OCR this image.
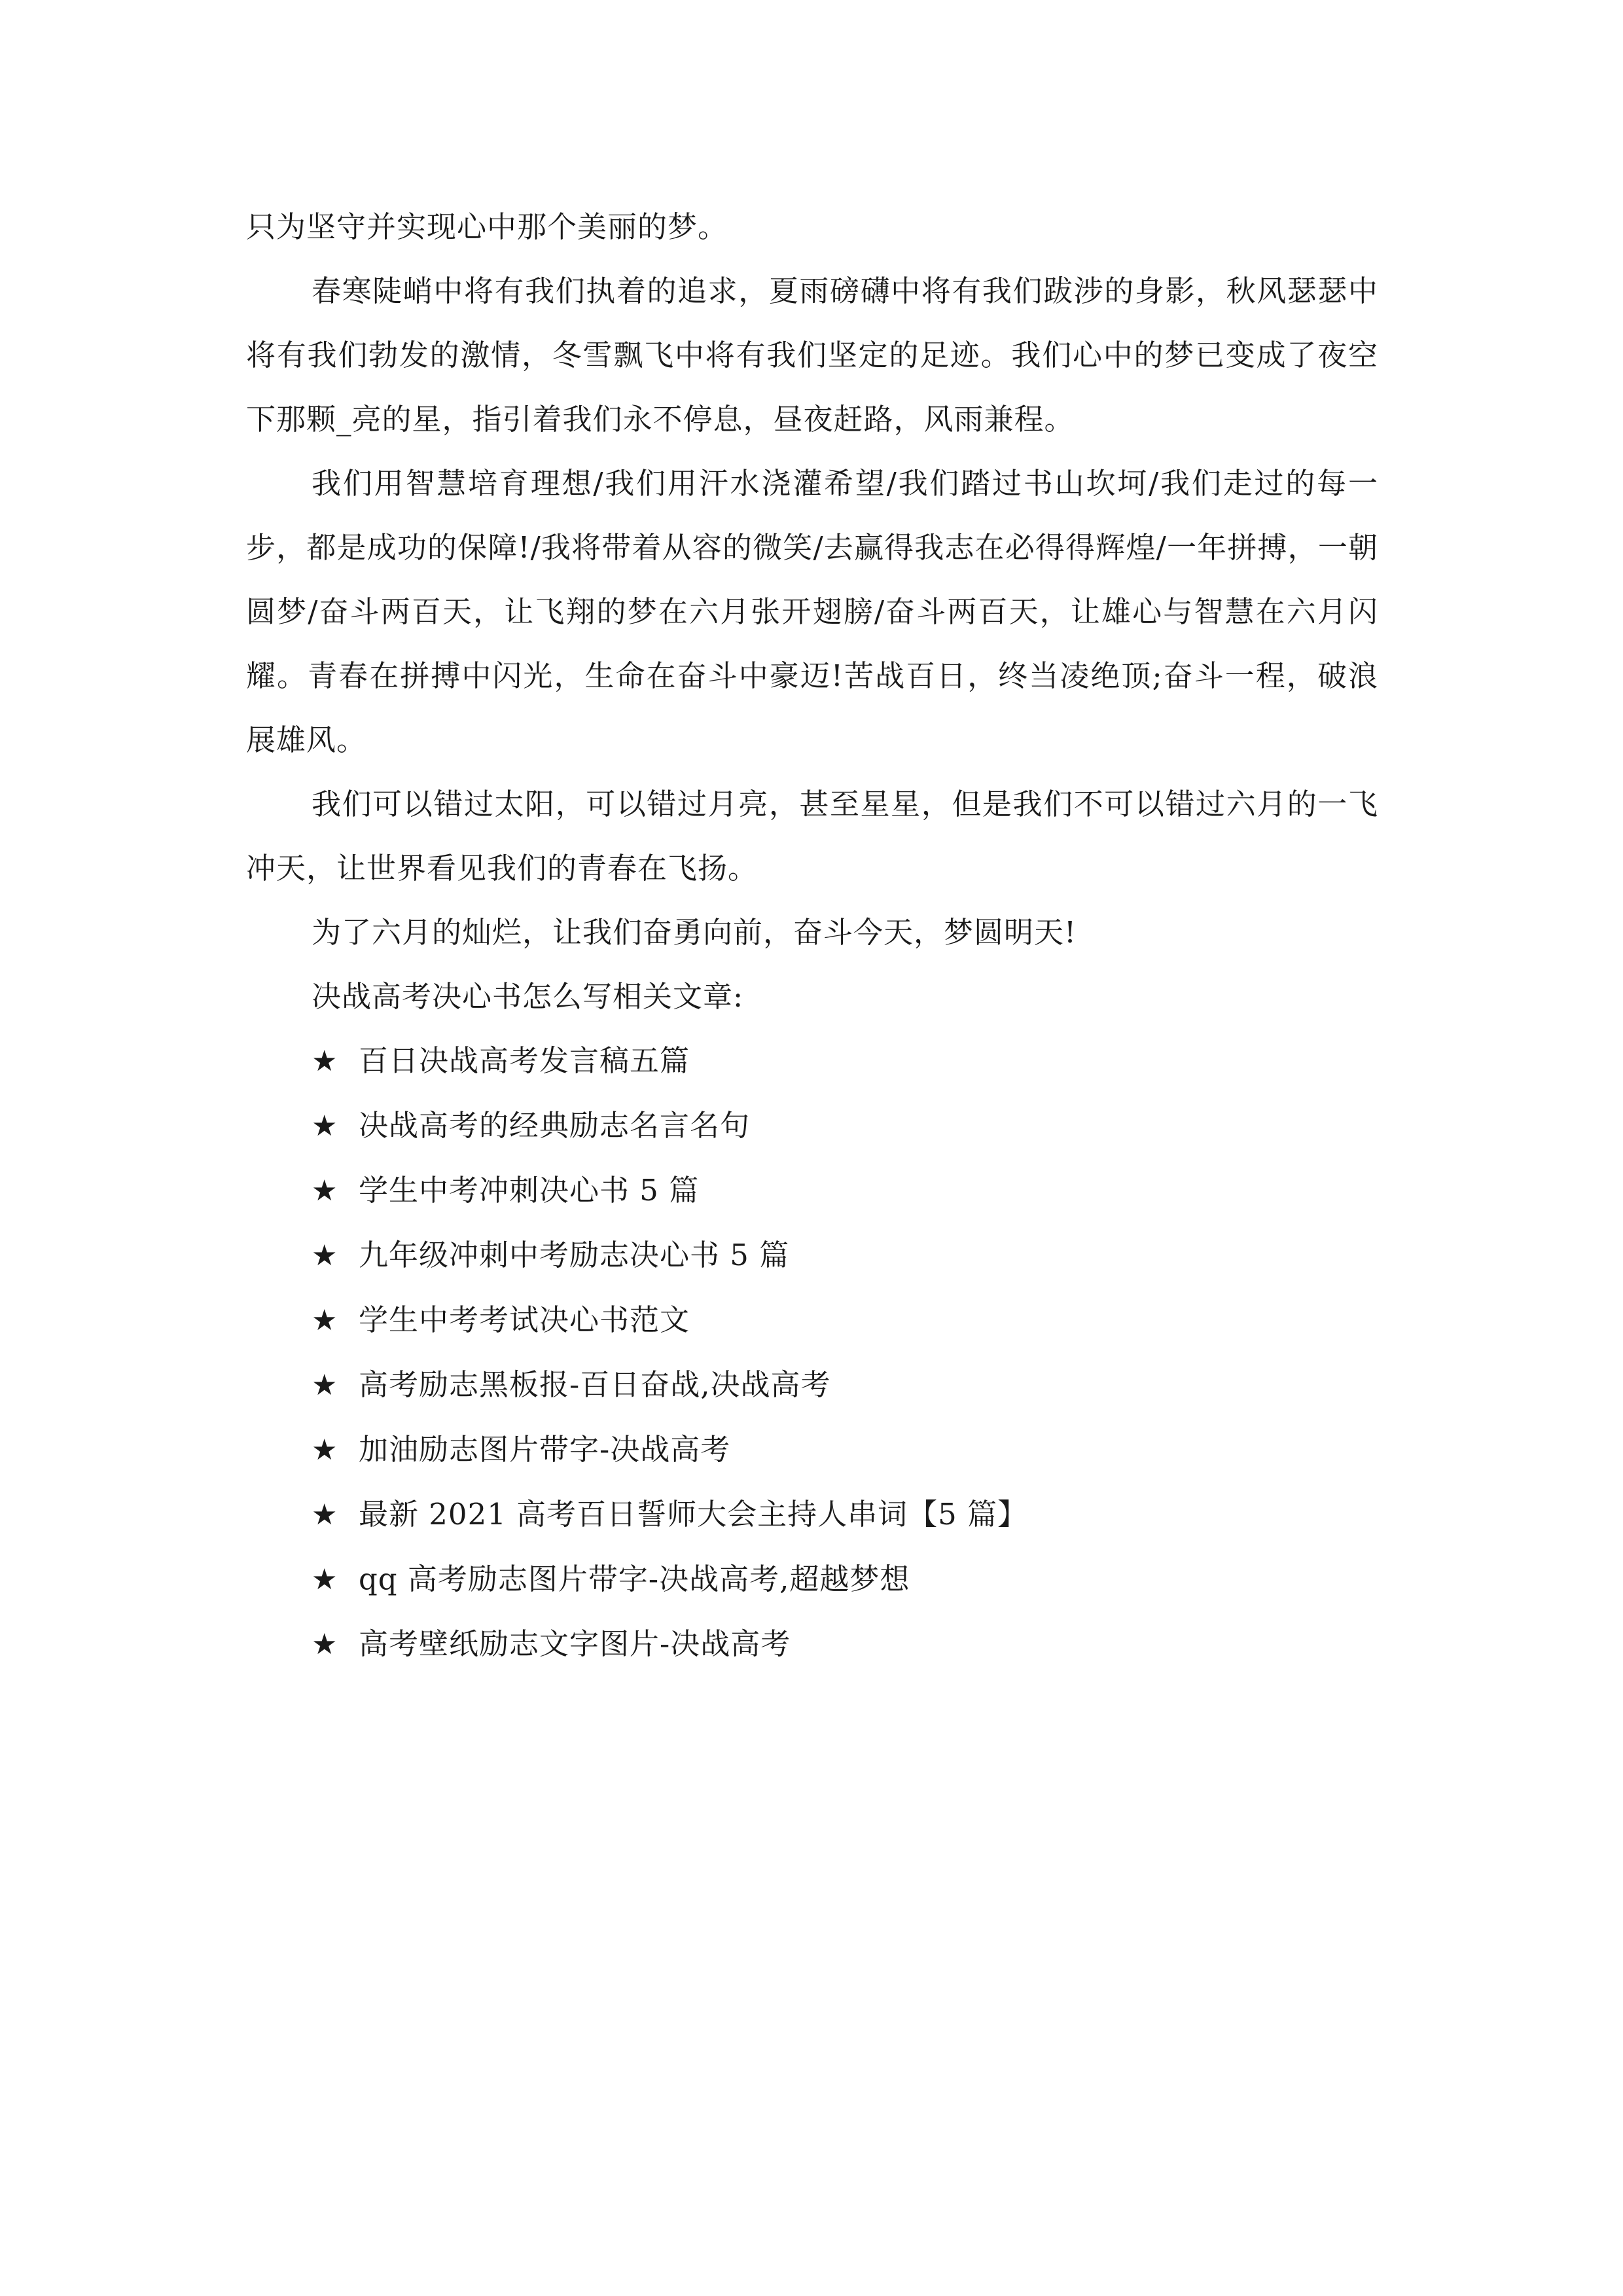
只为坚守并实现心中那个美丽的梦。

春寒陡峭中将有我们执着的追求，夏雨磅礴中将有我们跋涉的身影，秋风瑟瑟中将有我们勃发的激情，冬雪飘飞中将有我们坚定的足迹。我们心中的梦已变成了夜空下那颗_亮的星，指引着我们永不停息，昼夜赶路，风雨兼程。

我们用智慧培育理想/我们用汗水浇灌希望/我们踏过书山坎坷/我们走过的每一步，都是成功的保障!/我将带着从容的微笑/去赢得我志在必得得辉煌/一年拼搏，一朝圆梦/奋斗两百天，让飞翔的梦在六月张开翅膀/奋斗两百天，让雄心与智慧在六月闪耀。青春在拼搏中闪光，生命在奋斗中豪迈!苦战百日，终当凌绝顶;奋斗一程，破浪展雄风。

我们可以错过太阳，可以错过月亮，甚至星星，但是我们不可以错过六月的一飞冲天，让世界看见我们的青春在飞扬。

为了六月的灿烂，让我们奋勇向前，奋斗今天，梦圆明天!

决战高考决心书怎么写相关文章:

★ 百日决战高考发言稿五篇
★ 决战高考的经典励志名言名句
★ 学生中考冲刺决心书 5 篇
★ 九年级冲刺中考励志决心书 5 篇
★ 学生中考考试决心书范文
★ 高考励志黑板报-百日奋战,决战高考
★ 加油励志图片带字-决战高考
★ 最新 2021 高考百日誓师大会主持人串词【5 篇】
★ qq 高考励志图片带字-决战高考,超越梦想
★ 高考壁纸励志文字图片-决战高考
